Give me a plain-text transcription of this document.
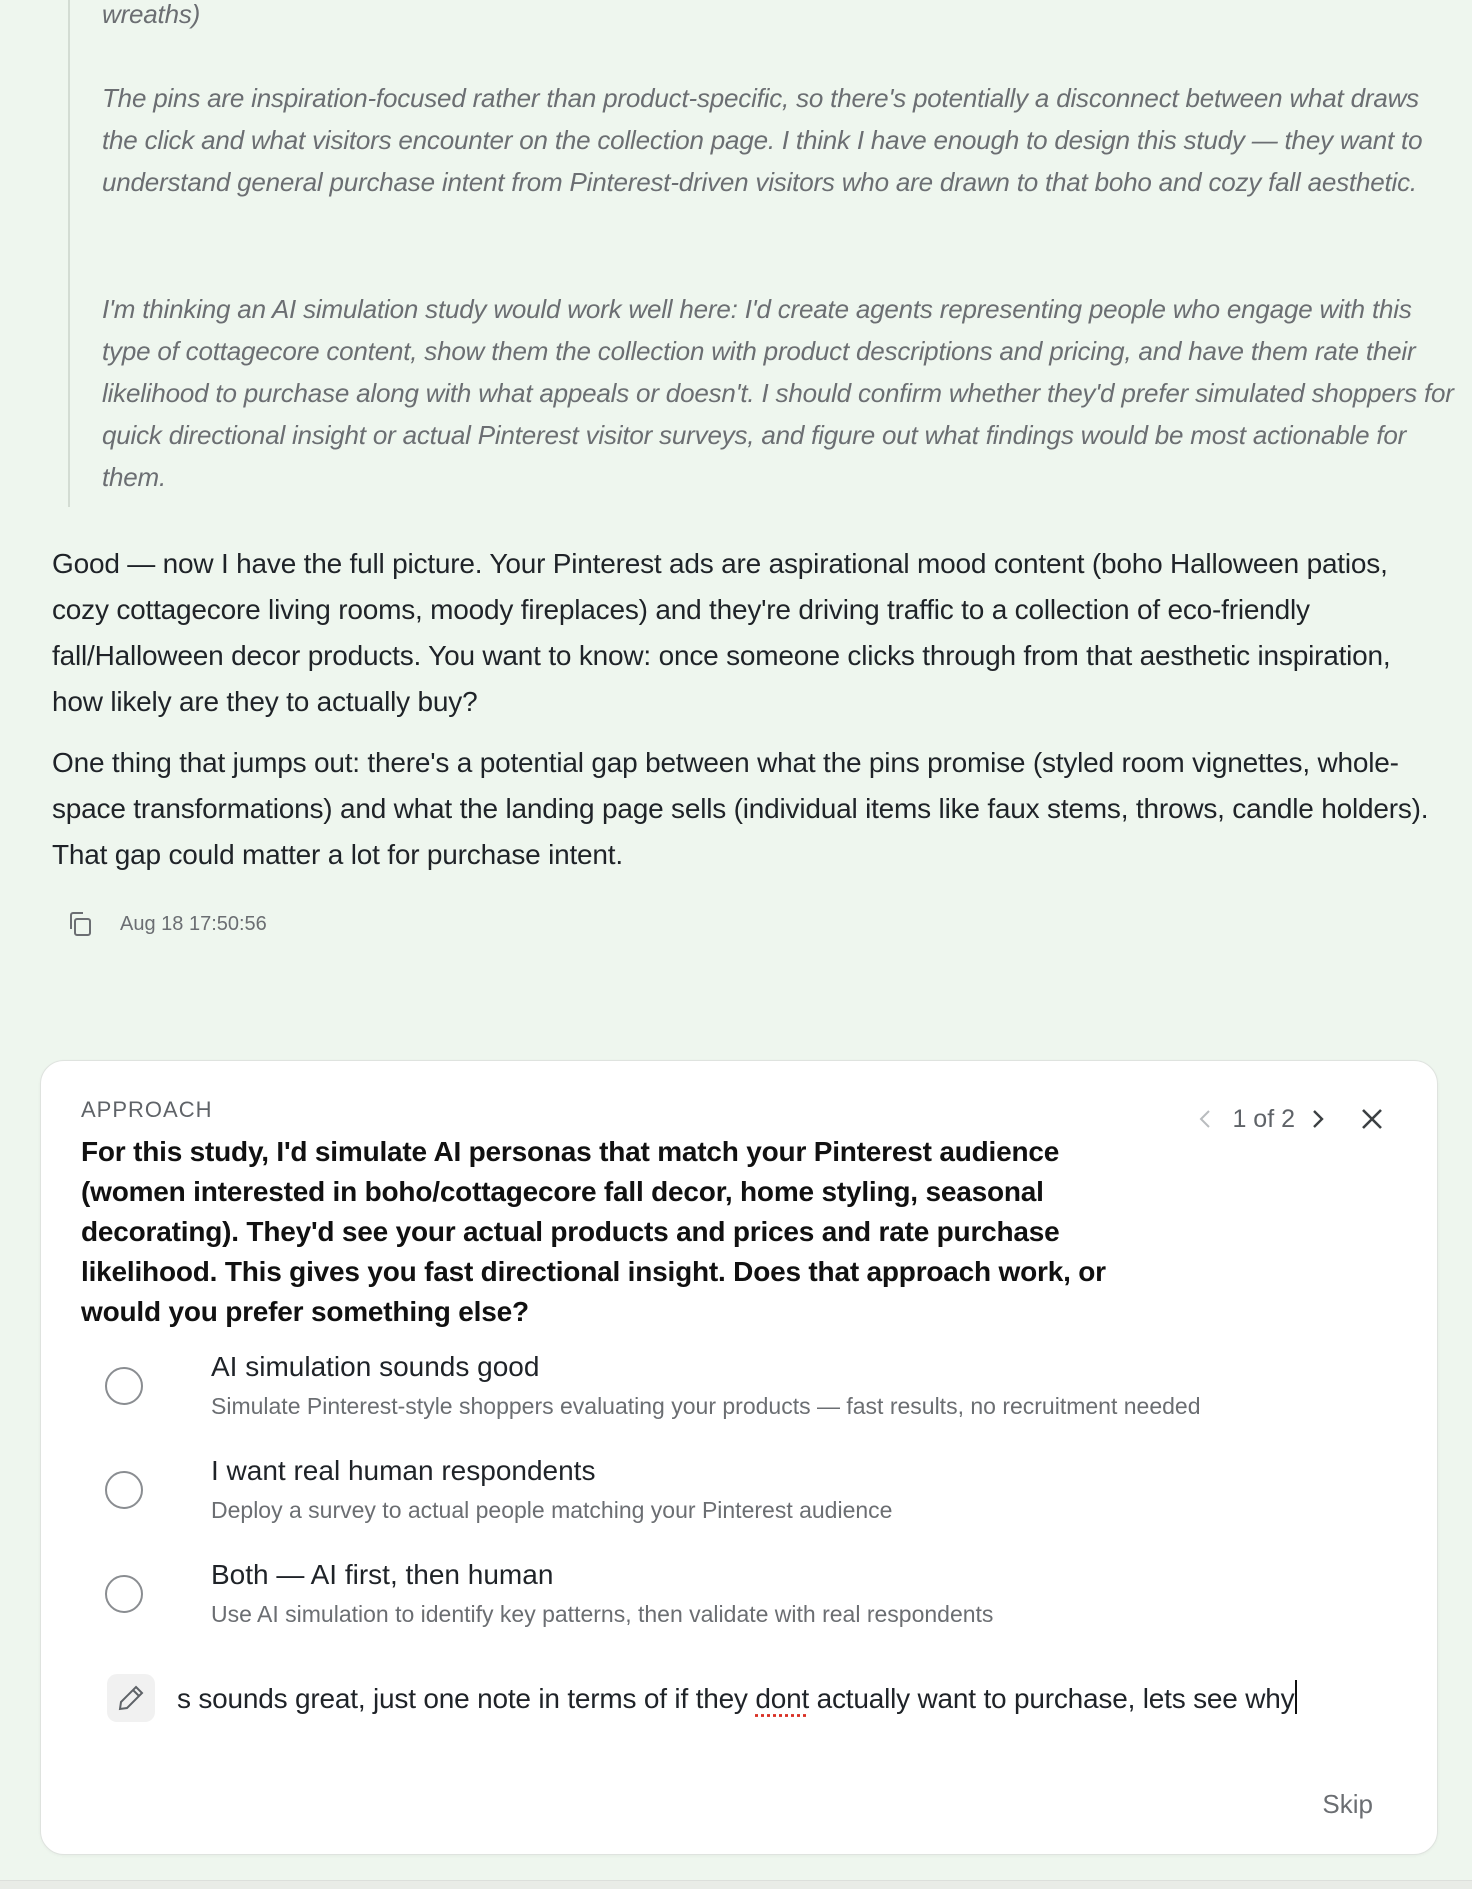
wreaths)

The pins are inspiration-focused rather than product-specific, so there's potentially a disconnect between what draws the click and what visitors encounter on the collection page. I think I have enough to design this study — they want to understand general purchase intent from Pinterest-driven visitors who are drawn to that boho and cozy fall aesthetic.

I'm thinking an AI simulation study would work well here: I'd create agents representing people who engage with this type of cottagecore content, show them the collection with product descriptions and pricing, and have them rate their likelihood to purchase along with what appeals or doesn't. I should confirm whether they'd prefer simulated shoppers for quick directional insight or actual Pinterest visitor surveys, and figure out what findings would be most actionable for them.

Good — now I have the full picture. Your Pinterest ads are aspirational mood content (boho Halloween patios, cozy cottagecore living rooms, moody fireplaces) and they're driving traffic to a collection of eco-friendly fall/Halloween decor products. You want to know: once someone clicks through from that aesthetic inspiration, how likely are they to actually buy?

One thing that jumps out: there's a potential gap between what the pins promise (styled room vignettes, whole-space transformations) and what the landing page sells (individual items like faux stems, throws, candle holders). That gap could matter a lot for purchase intent.

Aug 18 17:50:56
APPROACH	1 of 2
For this study, I'd simulate AI personas that match your Pinterest audience (women interested in boho/cottagecore fall decor, home styling, seasonal decorating). They'd see your actual products and prices and rate purchase likelihood. This gives you fast directional insight. Does that approach work, or would you prefer something else?
AI simulation sounds good
Simulate Pinterest-style shoppers evaluating your products — fast results, no recruitment needed
I want real human respondents
Deploy a survey to actual people matching your Pinterest audience
Both — AI first, then human
Use AI simulation to identify key patterns, then validate with real respondents
s sounds great, just one note in terms of if they dont actually want to purchase, lets see why
Skip
